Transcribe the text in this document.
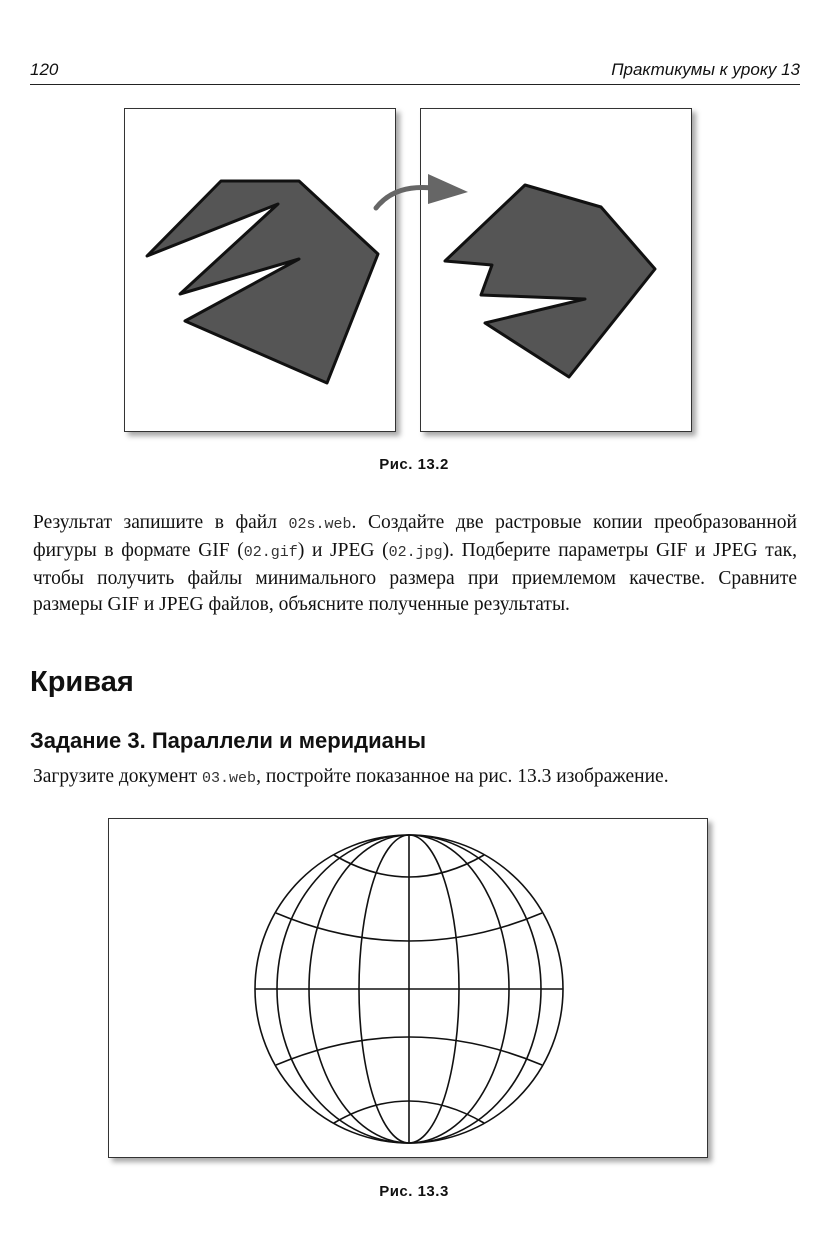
120	Практикумы к уроку 13
Рис. 13.2
Результат запишите в файл 02s.web. Создайте две растровые копии преобразованной фигуры в формате GIF (02.gif) и JPEG (02.jpg). Подберите параметры GIF и JPEG так, чтобы получить файлы минимального размера при приемлемом качестве. Сравните размеры GIF и JPEG файлов, объясните полученные результаты.
Кривая
Задание 3. Параллели и меридианы
Загрузите документ 03.web, постройте показанное на рис. 13.3 изображение.
Рис. 13.3
